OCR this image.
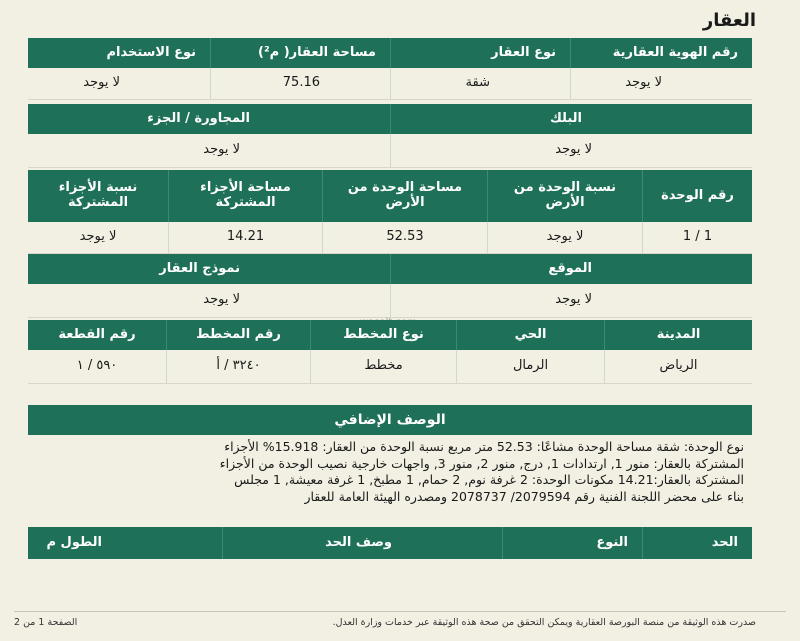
العقار
رقم الهوية العقارية
نوع العقار
مساحة العقار( م²)
نوع الاستخدام
لا يوجد
شقة
75.16
لا يوجد
البلك
المجاورة / الجزء
لا يوجد
لا يوجد
رقم الوحدة
نسبة الوحدة من الأرض
مساحة الوحدة من الأرض
مساحة الأجزاء المشتركة
نسبة الأجزاء المشتركة
1 / 1
لا يوجد
52.53
14.21
لا يوجد
الموقع
نموذج العقار
لا يوجد
لا يوجد
المدينة
الحي
نوع المخطط
رقم المخطط
رقم القطعة
الرياض
الرمال
مخطط
٣٢٤٠ / أ
٥٩٠ / ١
الوصف الإضافي
نوع الوحدة: شقة مساحة الوحدة مشاعًا: 52.53 متر مربع نسبة الوحدة من العقار: 15.918% الأجزاء
المشتركة بالعقار: منور 1, ارتدادات 1, درج, منور 2, منور 3, واجهات خارجية نصيب الوحدة من الأجزاء
المشتركة بالعقار:14.21 مكونات الوحدة: 2 غرفة نوم, 2 حمام, 1 مطبخ, 1 غرفة معيشة, 1 مجلس
بناء على محضر اللجنة الفنية رقم 2079594/ 2078737 ومصدره الهيئة العامة للعقار
الحد
النوع
وصف الحد
الطول م
صدرت هذه الوثيقة من منصة البورصة العقارية ويمكن التحقق من صحة هذه الوثيقة عبر خدمات وزارة العدل.
الصفحة 1 من 2
